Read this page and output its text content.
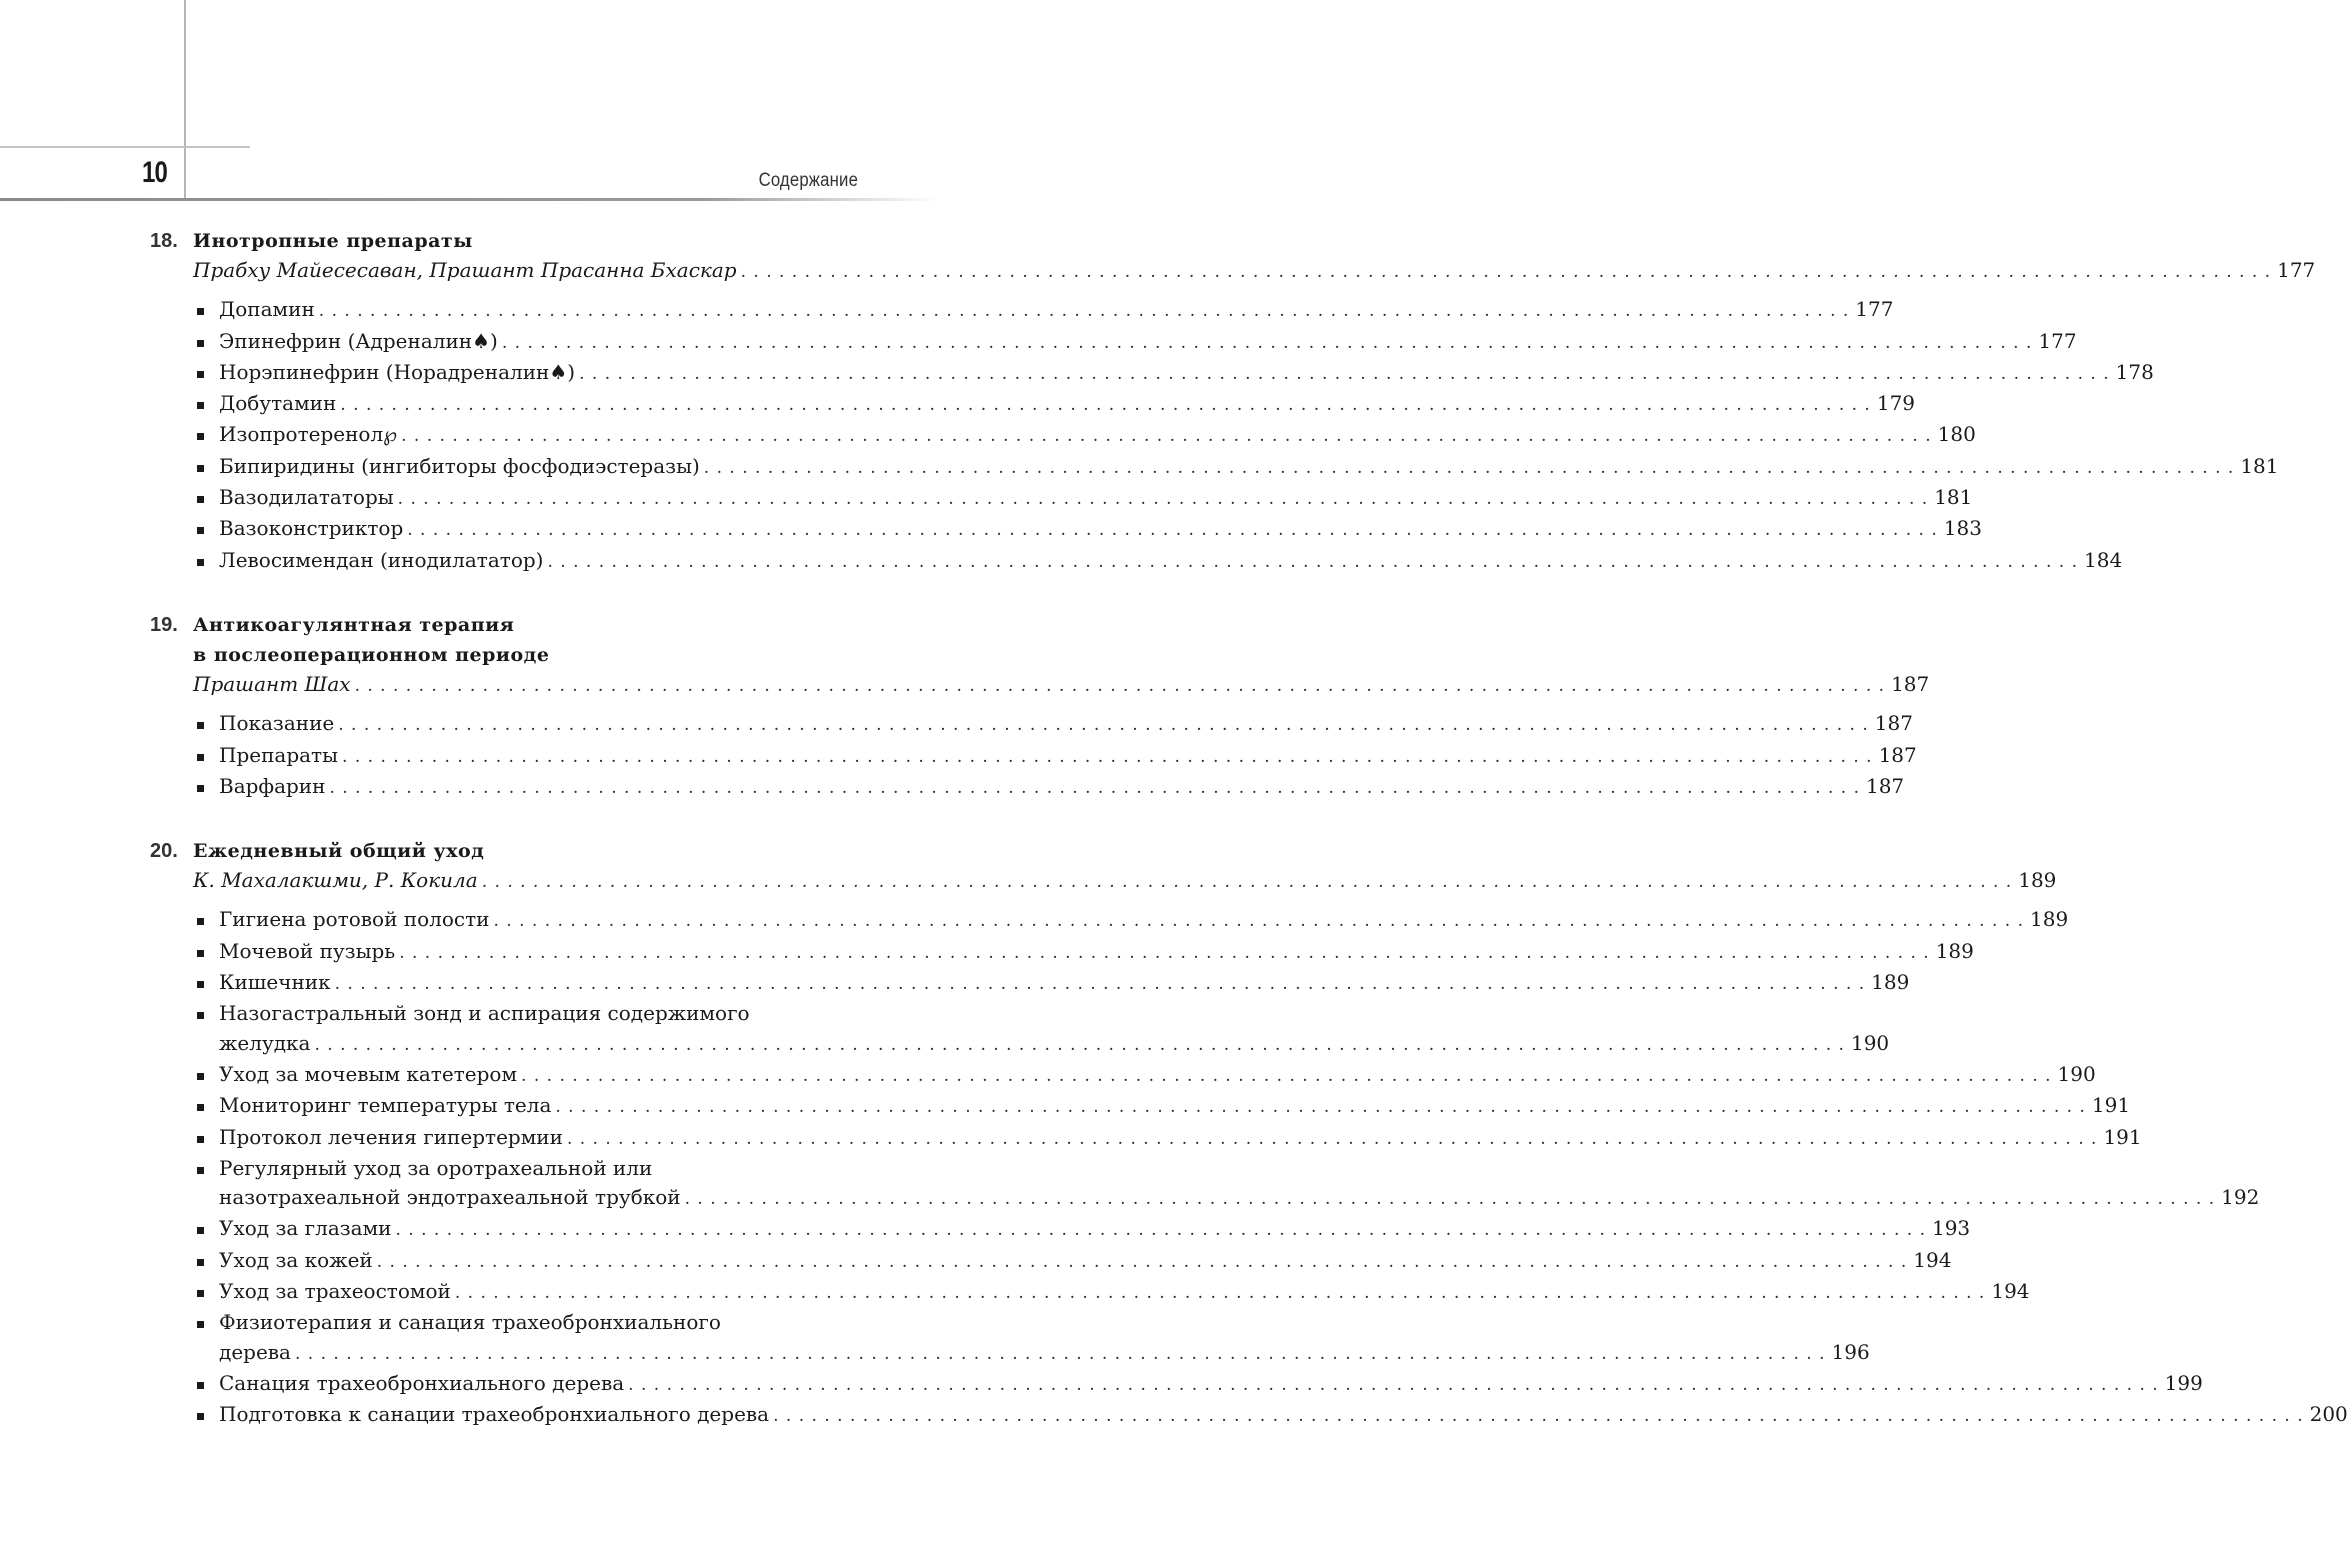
10	Содержание
18. Инотропные препараты
Прабху Майесесаван, Прашант Прасанна Бхаскар . . . . . . . . . . . . . . . . . . . . . . . . . . . . . . . . . . . . . . . . . . . . . . . . . . . . . . . . . . . . . . . . . . . . . . . . . . . . . . . . . . . . . . . . . . . . . . . . . . . . . . . . . . . . . . . . . . . . . . . . 177
Допамин . . . . . . . . . . . . . . . . . . . . . . . . . . . . . . . . . . . . . . . . . . . . . . . . . . . . . . . . . . . . . . . . . . . . . . . . . . . . . . . . . . . . . . . . . . . . . . . . . . . . . . . . . . . . . . . . . . . . . . . . 177
Эпинефрин (Адреналин♠) . . . . . . . . . . . . . . . . . . . . . . . . . . . . . . . . . . . . . . . . . . . . . . . . . . . . . . . . . . . . . . . . . . . . . . . . . . . . . . . . . . . . . . . . . . . . . . . . . . . . . . . . . . . . . . . . . . . . . . . . 177
Норэпинефрин (Норадреналин♠) . . . . . . . . . . . . . . . . . . . . . . . . . . . . . . . . . . . . . . . . . . . . . . . . . . . . . . . . . . . . . . . . . . . . . . . . . . . . . . . . . . . . . . . . . . . . . . . . . . . . . . . . . . . . . . . . . . . . . . . . 178
Добутамин . . . . . . . . . . . . . . . . . . . . . . . . . . . . . . . . . . . . . . . . . . . . . . . . . . . . . . . . . . . . . . . . . . . . . . . . . . . . . . . . . . . . . . . . . . . . . . . . . . . . . . . . . . . . . . . . . . . . . . . . 179
Изопротеренол℘ . . . . . . . . . . . . . . . . . . . . . . . . . . . . . . . . . . . . . . . . . . . . . . . . . . . . . . . . . . . . . . . . . . . . . . . . . . . . . . . . . . . . . . . . . . . . . . . . . . . . . . . . . . . . . . . . . . . . . . . . 180
Бипиридины (ингибиторы фосфодиэстеразы) . . . . . . . . . . . . . . . . . . . . . . . . . . . . . . . . . . . . . . . . . . . . . . . . . . . . . . . . . . . . . . . . . . . . . . . . . . . . . . . . . . . . . . . . . . . . . . . . . . . . . . . . . . . . . . . . . . . . . . . . 181
Вазодилататоры . . . . . . . . . . . . . . . . . . . . . . . . . . . . . . . . . . . . . . . . . . . . . . . . . . . . . . . . . . . . . . . . . . . . . . . . . . . . . . . . . . . . . . . . . . . . . . . . . . . . . . . . . . . . . . . . . . . . . . . . 181
Вазоконстриктор . . . . . . . . . . . . . . . . . . . . . . . . . . . . . . . . . . . . . . . . . . . . . . . . . . . . . . . . . . . . . . . . . . . . . . . . . . . . . . . . . . . . . . . . . . . . . . . . . . . . . . . . . . . . . . . . . . . . . . . . 183
Левосимендан (инодилататор) . . . . . . . . . . . . . . . . . . . . . . . . . . . . . . . . . . . . . . . . . . . . . . . . . . . . . . . . . . . . . . . . . . . . . . . . . . . . . . . . . . . . . . . . . . . . . . . . . . . . . . . . . . . . . . . . . . . . . . . . 184
19. Антикоагулянтная терапия
в послеоперационном периоде
Прашант Шах . . . . . . . . . . . . . . . . . . . . . . . . . . . . . . . . . . . . . . . . . . . . . . . . . . . . . . . . . . . . . . . . . . . . . . . . . . . . . . . . . . . . . . . . . . . . . . . . . . . . . . . . . . . . . . . . . . . . . . . . 187
Показание . . . . . . . . . . . . . . . . . . . . . . . . . . . . . . . . . . . . . . . . . . . . . . . . . . . . . . . . . . . . . . . . . . . . . . . . . . . . . . . . . . . . . . . . . . . . . . . . . . . . . . . . . . . . . . . . . . . . . . . . 187
Препараты . . . . . . . . . . . . . . . . . . . . . . . . . . . . . . . . . . . . . . . . . . . . . . . . . . . . . . . . . . . . . . . . . . . . . . . . . . . . . . . . . . . . . . . . . . . . . . . . . . . . . . . . . . . . . . . . . . . . . . . . 187
Варфарин . . . . . . . . . . . . . . . . . . . . . . . . . . . . . . . . . . . . . . . . . . . . . . . . . . . . . . . . . . . . . . . . . . . . . . . . . . . . . . . . . . . . . . . . . . . . . . . . . . . . . . . . . . . . . . . . . . . . . . . . 187
20. Ежедневный общий уход
К. Махалакшми, Р. Кокила . . . . . . . . . . . . . . . . . . . . . . . . . . . . . . . . . . . . . . . . . . . . . . . . . . . . . . . . . . . . . . . . . . . . . . . . . . . . . . . . . . . . . . . . . . . . . . . . . . . . . . . . . . . . . . . . . . . . . . . . 189
Гигиена ротовой полости . . . . . . . . . . . . . . . . . . . . . . . . . . . . . . . . . . . . . . . . . . . . . . . . . . . . . . . . . . . . . . . . . . . . . . . . . . . . . . . . . . . . . . . . . . . . . . . . . . . . . . . . . . . . . . . . . . . . . . . . 189
Мочевой пузырь . . . . . . . . . . . . . . . . . . . . . . . . . . . . . . . . . . . . . . . . . . . . . . . . . . . . . . . . . . . . . . . . . . . . . . . . . . . . . . . . . . . . . . . . . . . . . . . . . . . . . . . . . . . . . . . . . . . . . . . . 189
Кишечник . . . . . . . . . . . . . . . . . . . . . . . . . . . . . . . . . . . . . . . . . . . . . . . . . . . . . . . . . . . . . . . . . . . . . . . . . . . . . . . . . . . . . . . . . . . . . . . . . . . . . . . . . . . . . . . . . . . . . . . . 189
Назогастральный зонд и аспирация содержимого
желудка . . . . . . . . . . . . . . . . . . . . . . . . . . . . . . . . . . . . . . . . . . . . . . . . . . . . . . . . . . . . . . . . . . . . . . . . . . . . . . . . . . . . . . . . . . . . . . . . . . . . . . . . . . . . . . . . . . . . . . . . 190
Уход за мочевым катетером . . . . . . . . . . . . . . . . . . . . . . . . . . . . . . . . . . . . . . . . . . . . . . . . . . . . . . . . . . . . . . . . . . . . . . . . . . . . . . . . . . . . . . . . . . . . . . . . . . . . . . . . . . . . . . . . . . . . . . . . 190
Мониторинг температуры тела . . . . . . . . . . . . . . . . . . . . . . . . . . . . . . . . . . . . . . . . . . . . . . . . . . . . . . . . . . . . . . . . . . . . . . . . . . . . . . . . . . . . . . . . . . . . . . . . . . . . . . . . . . . . . . . . . . . . . . . . 191
Протокол лечения гипертермии . . . . . . . . . . . . . . . . . . . . . . . . . . . . . . . . . . . . . . . . . . . . . . . . . . . . . . . . . . . . . . . . . . . . . . . . . . . . . . . . . . . . . . . . . . . . . . . . . . . . . . . . . . . . . . . . . . . . . . . . 191
Регулярный уход за оротрахеальной или
назотрахеальной эндотрахеальной трубкой . . . . . . . . . . . . . . . . . . . . . . . . . . . . . . . . . . . . . . . . . . . . . . . . . . . . . . . . . . . . . . . . . . . . . . . . . . . . . . . . . . . . . . . . . . . . . . . . . . . . . . . . . . . . . . . . . . . . . . . . 192
Уход за глазами . . . . . . . . . . . . . . . . . . . . . . . . . . . . . . . . . . . . . . . . . . . . . . . . . . . . . . . . . . . . . . . . . . . . . . . . . . . . . . . . . . . . . . . . . . . . . . . . . . . . . . . . . . . . . . . . . . . . . . . . 193
Уход за кожей . . . . . . . . . . . . . . . . . . . . . . . . . . . . . . . . . . . . . . . . . . . . . . . . . . . . . . . . . . . . . . . . . . . . . . . . . . . . . . . . . . . . . . . . . . . . . . . . . . . . . . . . . . . . . . . . . . . . . . . . 194
Уход за трахеостомой . . . . . . . . . . . . . . . . . . . . . . . . . . . . . . . . . . . . . . . . . . . . . . . . . . . . . . . . . . . . . . . . . . . . . . . . . . . . . . . . . . . . . . . . . . . . . . . . . . . . . . . . . . . . . . . . . . . . . . . . 194
Физиотерапия и санация трахеобронхиального
дерева . . . . . . . . . . . . . . . . . . . . . . . . . . . . . . . . . . . . . . . . . . . . . . . . . . . . . . . . . . . . . . . . . . . . . . . . . . . . . . . . . . . . . . . . . . . . . . . . . . . . . . . . . . . . . . . . . . . . . . . . 196
Санация трахеобронхиального дерева . . . . . . . . . . . . . . . . . . . . . . . . . . . . . . . . . . . . . . . . . . . . . . . . . . . . . . . . . . . . . . . . . . . . . . . . . . . . . . . . . . . . . . . . . . . . . . . . . . . . . . . . . . . . . . . . . . . . . . . . 199
Подготовка к санации трахеобронхиального дерева . . . . . . . . . . . . . . . . . . . . . . . . . . . . . . . . . . . . . . . . . . . . . . . . . . . . . . . . . . . . . . . . . . . . . . . . . . . . . . . . . . . . . . . . . . . . . . . . . . . . . . . . . . . . . . . . . . . . . . . . 200
